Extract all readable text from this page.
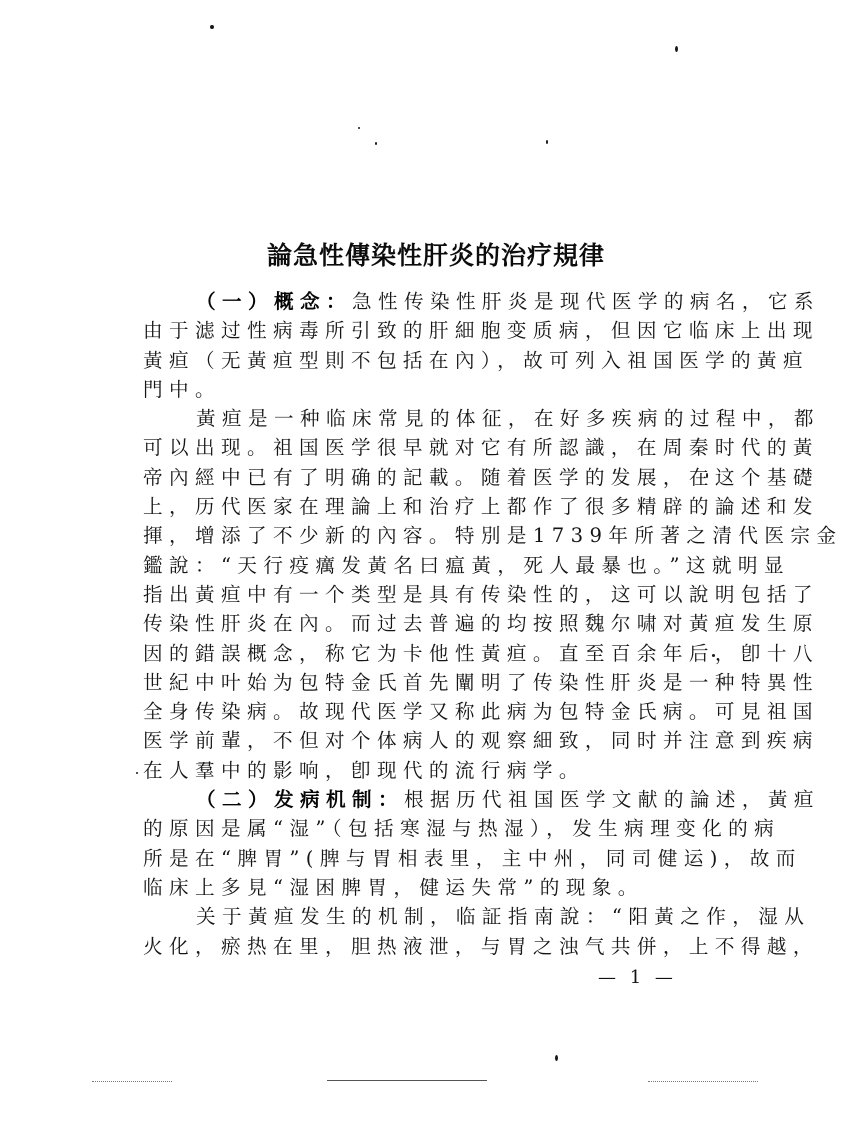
論急性傳染性肝炎的治疗規律
（一）概念：急性传染性肝炎是现代医学的病名，它系
由于滤过性病毒所引致的肝細胞变质病，但因它临床上出现
黃疸（无黃疸型則不包括在內），故可列入祖国医学的黃疸
門中。
黃疸是一种临床常見的体征，在好多疾病的过程中，都
可以出现。祖国医学很早就对它有所認識，在周秦时代的黃
帝內經中已有了明确的記載。随着医学的发展，在这个基礎
上，历代医家在理論上和治疗上都作了很多精辟的論述和发
揮，增添了不少新的內容。特別是1739年所著之清代医宗金
鑑說：“天行疫癘发黃名曰瘟黃，死人最暴也。”这就明显
指出黃疸中有一个类型是具有传染性的，这可以說明包括了
传染性肝炎在內。而过去普遍的均按照魏尔啸对黃疸发生原
因的錯誤概念，称它为卡他性黃疸。直至百余年后，卽十八
世紀中叶始为包特金氏首先闡明了传染性肝炎是一种特異性
全身传染病。故现代医学又称此病为包特金氏病。可見祖国
医学前輩，不但对个体病人的观察細致，同时并注意到疾病
在人羣中的影响，卽现代的流行病学。
（二）发病机制：根据历代祖国医学文献的論述，黃疸
的原因是属“湿”（包括寒湿与热湿），发生病理变化的病
所是在“脾胃”(脾与胃相表里，主中州，同司健运)，故而
临床上多見“湿困脾胃，健运失常”的现象。
关于黃疸发生的机制，临証指南說：“阳黃之作，湿从
火化，瘀热在里，胆热液泄，与胃之浊气共併，上不得越，
— 1 —
